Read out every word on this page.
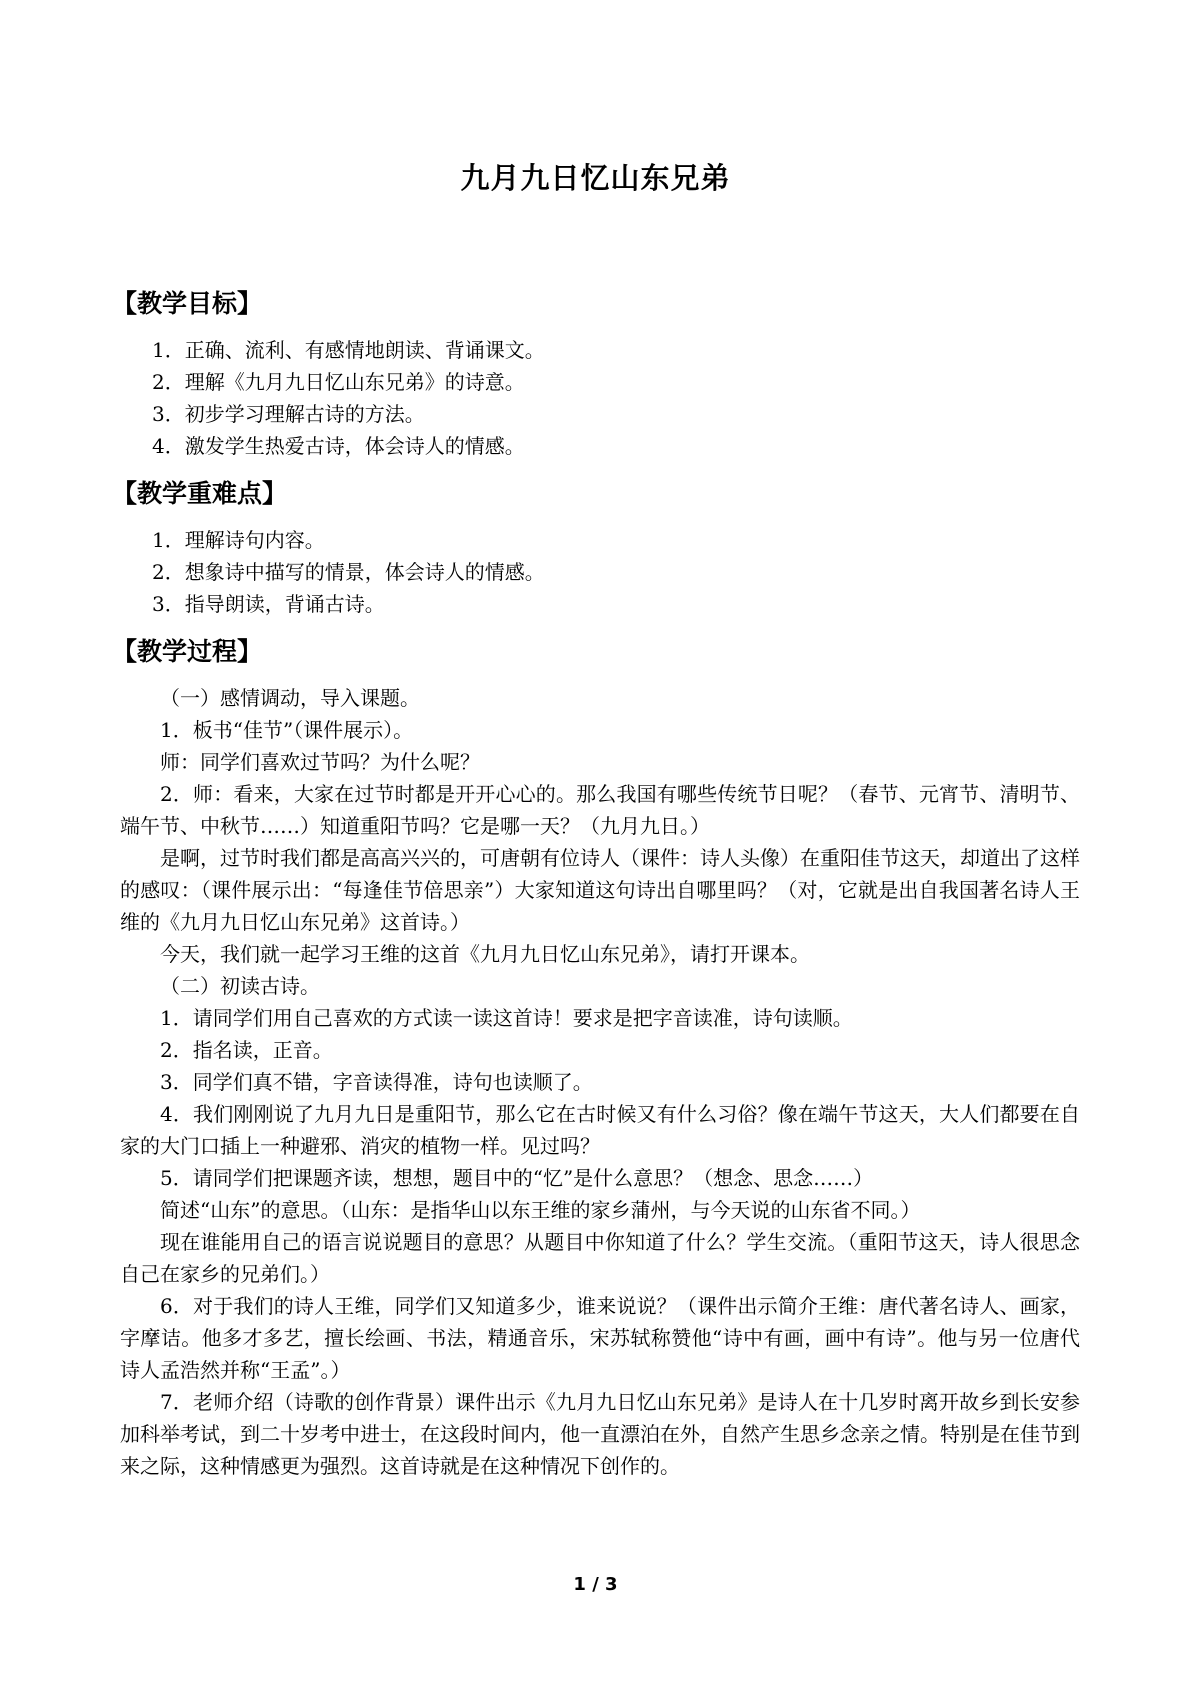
九月九日忆山东兄弟
【教学目标】
1．正确、流利、有感情地朗读、背诵课文。
2．理解《九月九日忆山东兄弟》的诗意。
3．初步学习理解古诗的方法。
4．激发学生热爱古诗，体会诗人的情感。
【教学重难点】
1．理解诗句内容。
2．想象诗中描写的情景，体会诗人的情感。
3．指导朗读，背诵古诗。
【教学过程】

（一）感情调动，导入课题。

1．板书“佳节”（课件展示）。

师：同学们喜欢过节吗？为什么呢？

2．师：看来，大家在过节时都是开开心心的。那么我国有哪些传统节日呢？（春节、元宵节、清明节、端午节、中秋节……）知道重阳节吗？它是哪一天？（九月九日。）

是啊，过节时我们都是高高兴兴的，可唐朝有位诗人（课件：诗人头像）在重阳佳节这天，却道出了这样的感叹：（课件展示出：“每逢佳节倍思亲”）大家知道这句诗出自哪里吗？（对，它就是出自我国著名诗人王维的《九月九日忆山东兄弟》这首诗。）

今天，我们就一起学习王维的这首《九月九日忆山东兄弟》，请打开课本。

（二）初读古诗。

1．请同学们用自己喜欢的方式读一读这首诗！要求是把字音读准，诗句读顺。

2．指名读，正音。

3．同学们真不错，字音读得准，诗句也读顺了。

4．我们刚刚说了九月九日是重阳节，那么它在古时候又有什么习俗？像在端午节这天，大人们都要在自家的大门口插上一种避邪、消灾的植物一样。见过吗？

5．请同学们把课题齐读，想想，题目中的“忆”是什么意思？（想念、思念……）

简述“山东”的意思。（山东：是指华山以东王维的家乡蒲州，与今天说的山东省不同。）

现在谁能用自己的语言说说题目的意思？从题目中你知道了什么？学生交流。（重阳节这天，诗人很思念自己在家乡的兄弟们。）

6．对于我们的诗人王维，同学们又知道多少，谁来说说？（课件出示简介王维：唐代著名诗人、画家，字摩诘。他多才多艺，擅长绘画、书法，精通音乐，宋苏轼称赞他“诗中有画，画中有诗”。他与另一位唐代诗人孟浩然并称“王孟”。）

7．老师介绍（诗歌的创作背景）课件出示《九月九日忆山东兄弟》是诗人在十几岁时离开故乡到长安参加科举考试，到二十岁考中进士，在这段时间内，他一直漂泊在外，自然产生思乡念亲之情。特别是在佳节到来之际，这种情感更为强烈。这首诗就是在这种情况下创作的。

1 / 3
